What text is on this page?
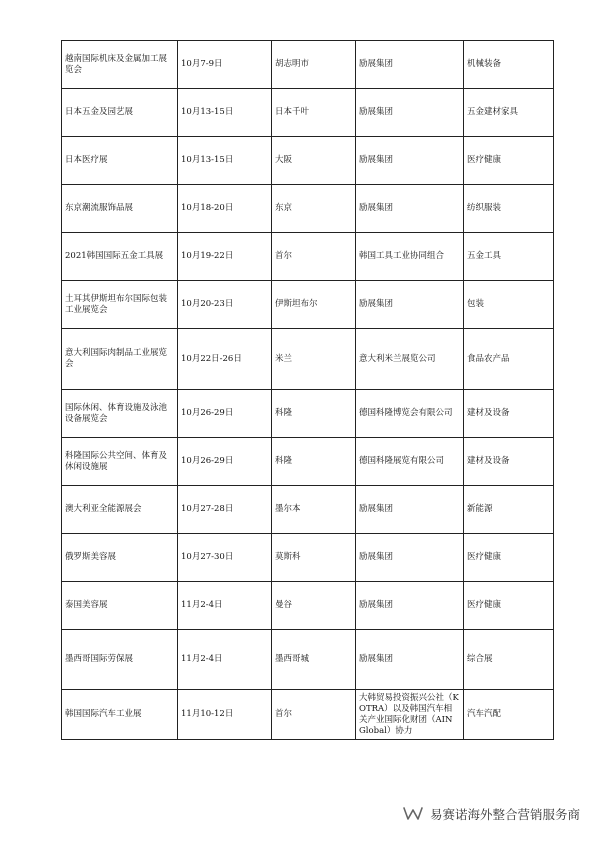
越南国际机床及金属加工展览会	10月7-9日	胡志明市	励展集团	机械装备
日本五金及园艺展	10月13-15日	日本千叶	励展集团	五金建材家具
日本医疗展	10月13-15日	大阪	励展集团	医疗健康
东京潮流服饰品展	10月18-20日	东京	励展集团	纺织服装
2021韩国国际五金工具展	10月19-22日	首尔	韩国工具工业协同组合	五金工具
土耳其伊斯坦布尔国际包装工业展览会	10月20-23日	伊斯坦布尔	励展集团	包装
意大利国际肉制品工业展览会	10月22日-26日	米兰	意大利米兰展览公司	食品农产品
国际休闲、体育设施及泳池设备展览会	10月26-29日	科隆	德国科隆博览会有限公司	建材及设备
科隆国际公共空间、体育及休闲设施展	10月26-29日	科隆	德国科隆展览有限公司	建材及设备
澳大利亚全能源展会	10月27-28日	墨尔本	励展集团	新能源
俄罗斯美容展	10月27-30日	莫斯科	励展集团	医疗健康
泰国美容展	11月2-4日	曼谷	励展集团	医疗健康
墨西哥国际劳保展	11月2-4日	墨西哥城	励展集团	综合展
韩国国际汽车工业展	11月10-12日	首尔	大韩贸易投资振兴公社（KOTRA）以及韩国汽车相关产业国际化财团（AIN Global）协力	汽车汽配
易赛诺海外整合营销服务商
